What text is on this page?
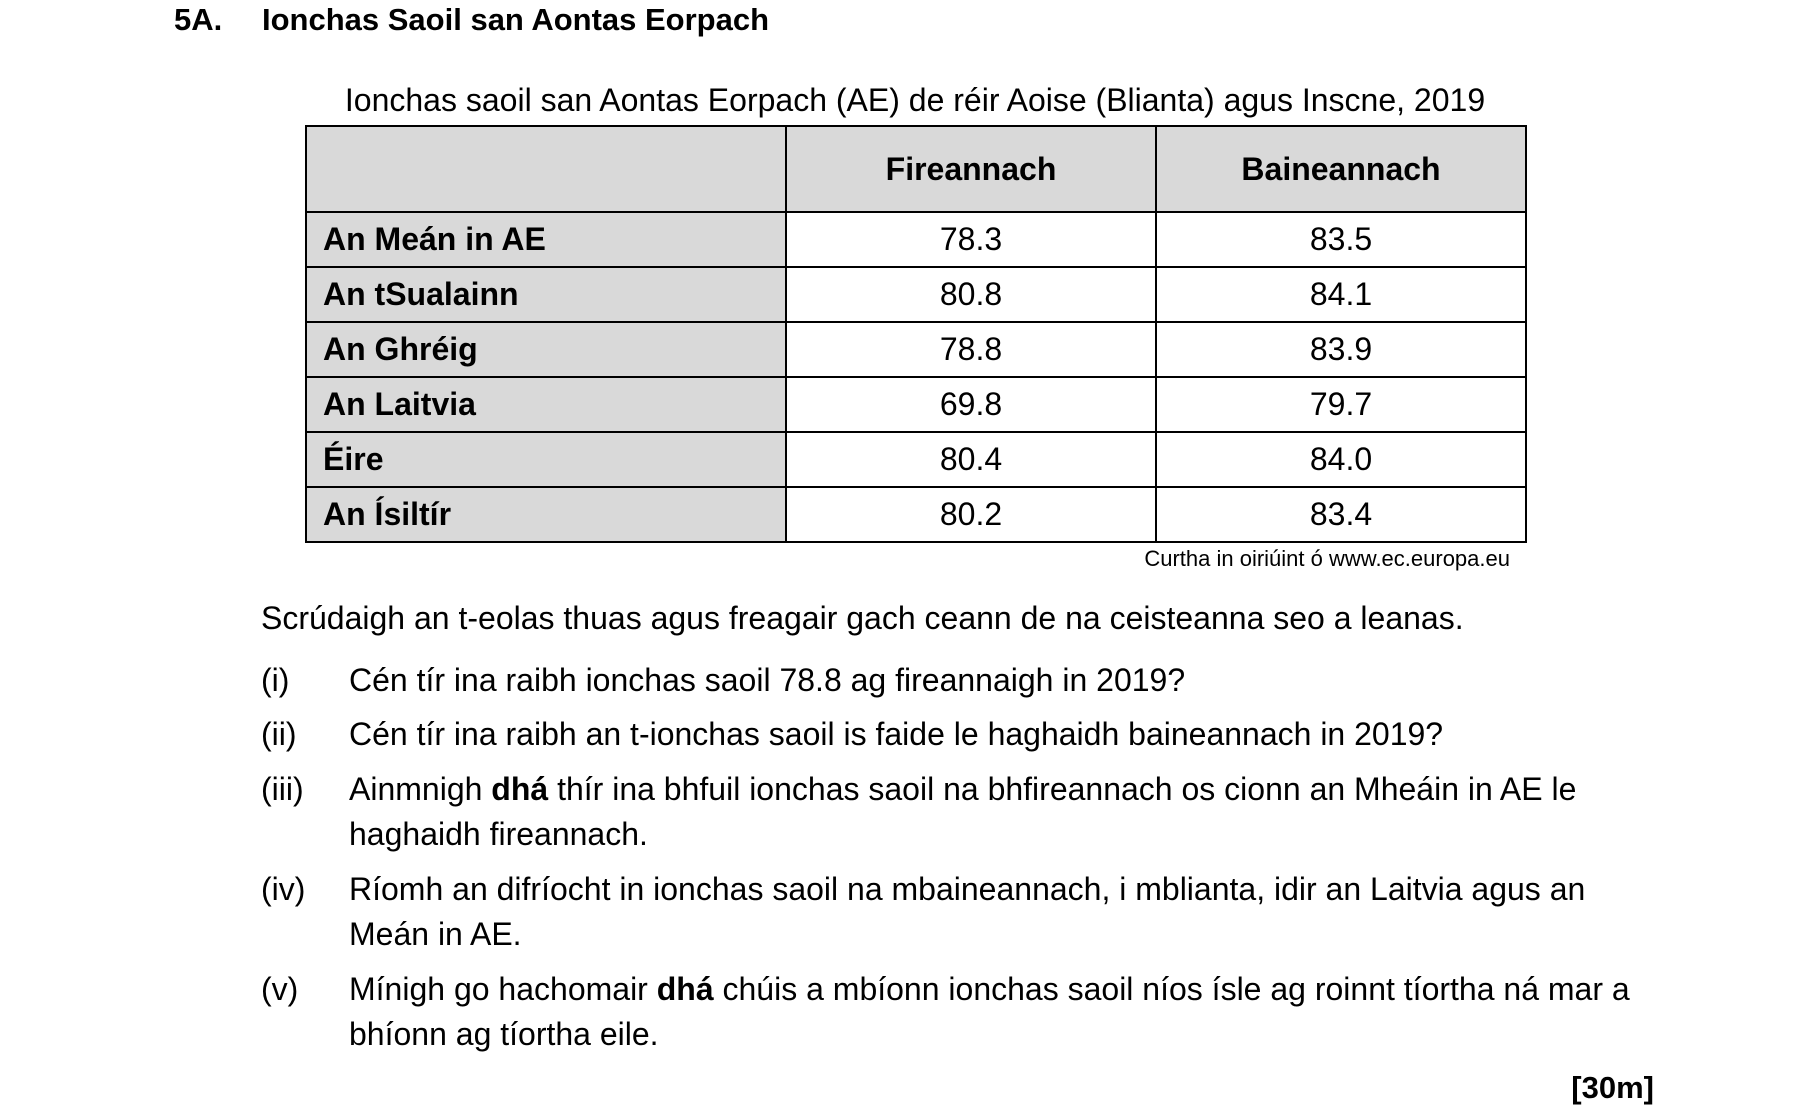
5A. Ionchas Saoil san Aontas Eorpach
Ionchas saoil san Aontas Eorpach (AE) de réir Aoise (Blianta) agus Inscne, 2019
	Fireannach	Baineannach
An Meán in AE	78.3	83.5
An tSualainn	80.8	84.1
An Ghréig	78.8	83.9
An Laitvia	69.8	79.7
Éire	80.4	84.0
An Ísiltír	80.2	83.4
Curtha in oiriúint ó www.ec.europa.eu
Scrúdaigh an t-eolas thuas agus freagair gach ceann de na ceisteanna seo a leanas.
(i) Cén tír ina raibh ionchas saoil 78.8 ag fireannaigh in 2019?
(ii) Cén tír ina raibh an t-ionchas saoil is faide le haghaidh baineannach in 2019?
(iii) Ainmnigh dhá thír ina bhfuil ionchas saoil na bhfireannach os cionn an Mheáin in AE le haghaidh fireannach.
(iv) Ríomh an difríocht in ionchas saoil na mbaineannach, i mblianta, idir an Laitvia agus an Meán in AE.
(v) Mínigh go hachomair dhá chúis a mbíonn ionchas saoil níos ísle ag roinnt tíortha ná mar a bhíonn ag tíortha eile.
[30m]
